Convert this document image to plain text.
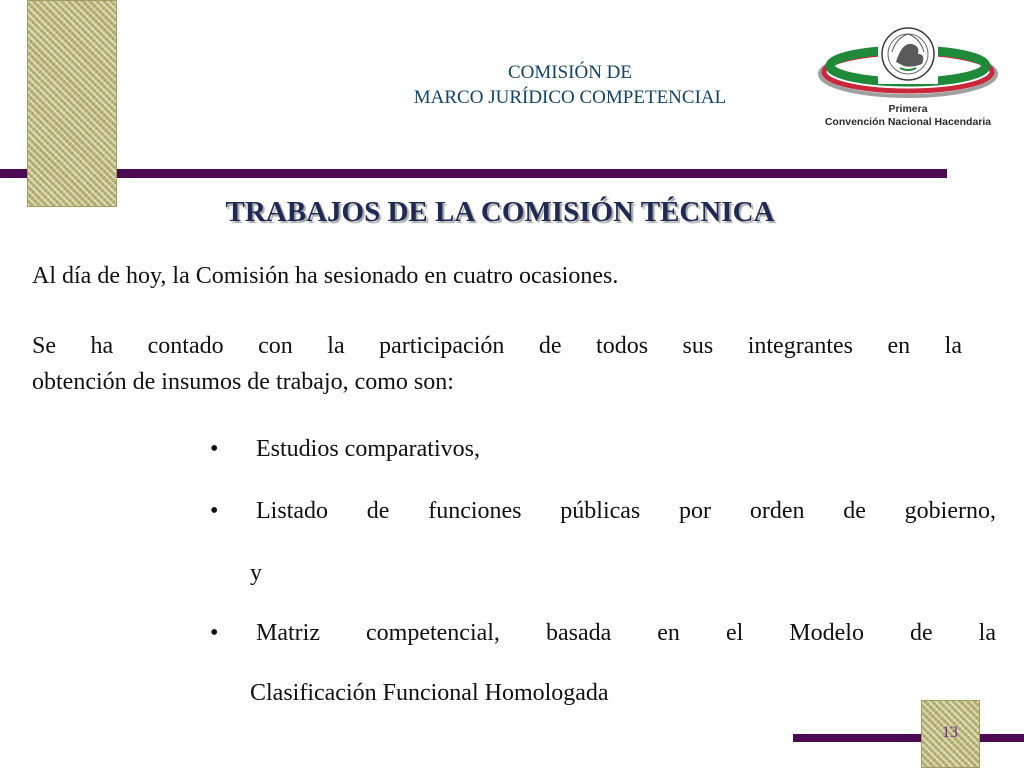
COMISIÓN DE
MARCO JURÍDICO COMPETENCIAL
Primera
Convención Nacional Hacendaria
TRABAJOS DE LA COMISIÓN TÉCNICA
Al día de hoy, la Comisión ha sesionado en cuatro ocasiones.
Se ha contado con la participación de todos sus integrantes en la
obtención de insumos de trabajo, como son:
• Estudios comparativos,
• Listado de funciones públicas por orden de gobierno,
y
• Matriz competencial, basada en el Modelo de la
Clasificación Funcional Homologada
13
